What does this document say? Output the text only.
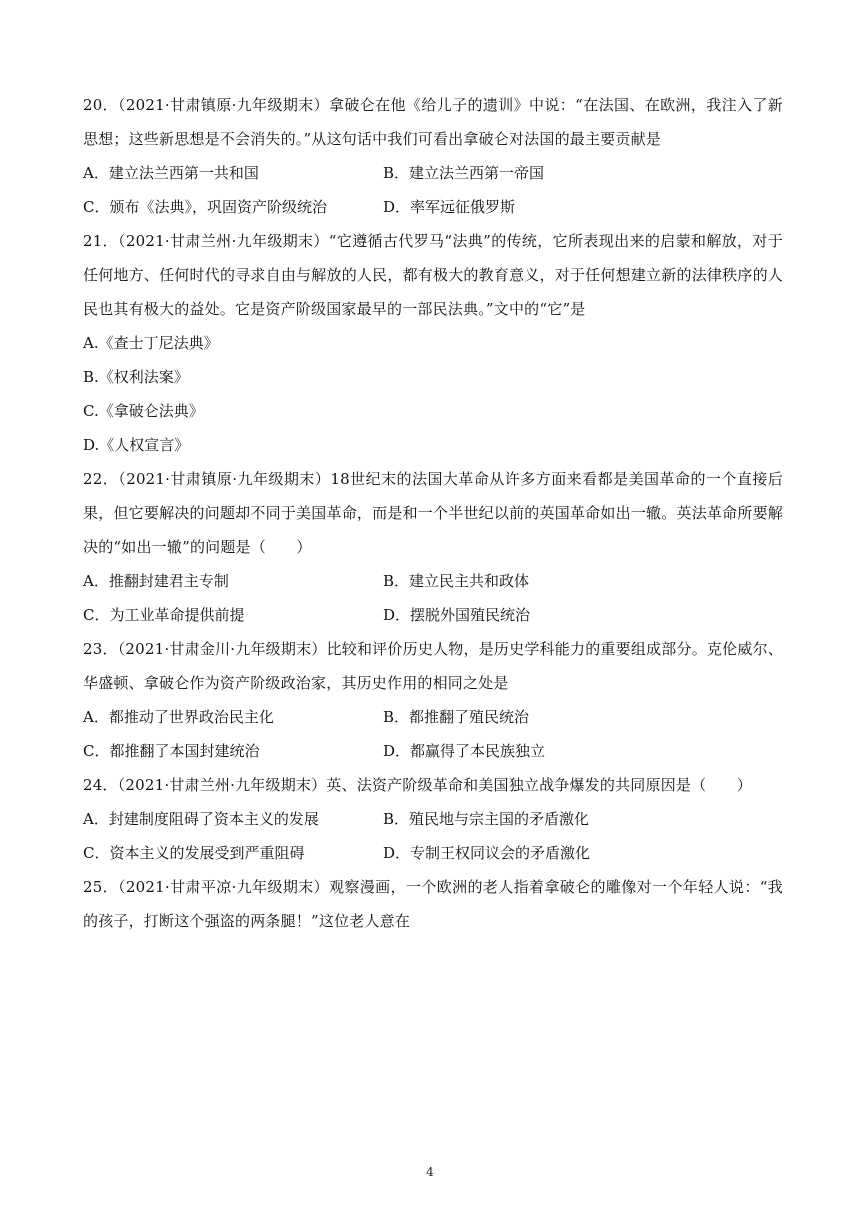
20．（2021·甘肃镇原·九年级期末）拿破仑在他《给儿子的遗训》中说：“在法国、在欧洲，我注入了新思想；这些新思想是不会消失的。”从这句话中我们可看出拿破仑对法国的最主要贡献是

A．建立法兰西第一共和国	B．建立法兰西第一帝国
C．颁布《法典》，巩固资产阶级统治	D．率军远征俄罗斯

21．（2021·甘肃兰州·九年级期末）“它遵循古代罗马“法典”的传统，它所表现出来的启蒙和解放，对于任何地方、任何时代的寻求自由与解放的人民，都有极大的教育意义，对于任何想建立新的法律秩序的人民也其有极大的益处。它是资产阶级国家最早的一部民法典。”文中的“它”是

A.《查士丁尼法典》
B.《权利法案》
C.《拿破仑法典》
D.《人权宣言》

22．（2021·甘肃镇原·九年级期末）18世纪末的法国大革命从许多方面来看都是美国革命的一个直接后果，但它要解决的问题却不同于美国革命，而是和一个半世纪以前的英国革命如出一辙。英法革命所要解决的“如出一辙”的问题是（　　）

A．推翻封建君主专制	B．建立民主共和政体
C．为工业革命提供前提	D．摆脱外国殖民统治

23．（2021·甘肃金川·九年级期末）比较和评价历史人物，是历史学科能力的重要组成部分。克伦威尔、华盛顿、拿破仑作为资产阶级政治家，其历史作用的相同之处是

A．都推动了世界政治民主化	B．都推翻了殖民统治
C．都推翻了本国封建统治	D．都赢得了本民族独立

24．（2021·甘肃兰州·九年级期末）英、法资产阶级革命和美国独立战争爆发的共同原因是（　　）

A．封建制度阻碍了资本主义的发展	B．殖民地与宗主国的矛盾激化
C．资本主义的发展受到严重阻碍	D．专制王权同议会的矛盾激化

25．（2021·甘肃平凉·九年级期末）观察漫画，一个欧洲的老人指着拿破仑的雕像对一个年轻人说：“我的孩子，打断这个强盗的两条腿！”这位老人意在

4
